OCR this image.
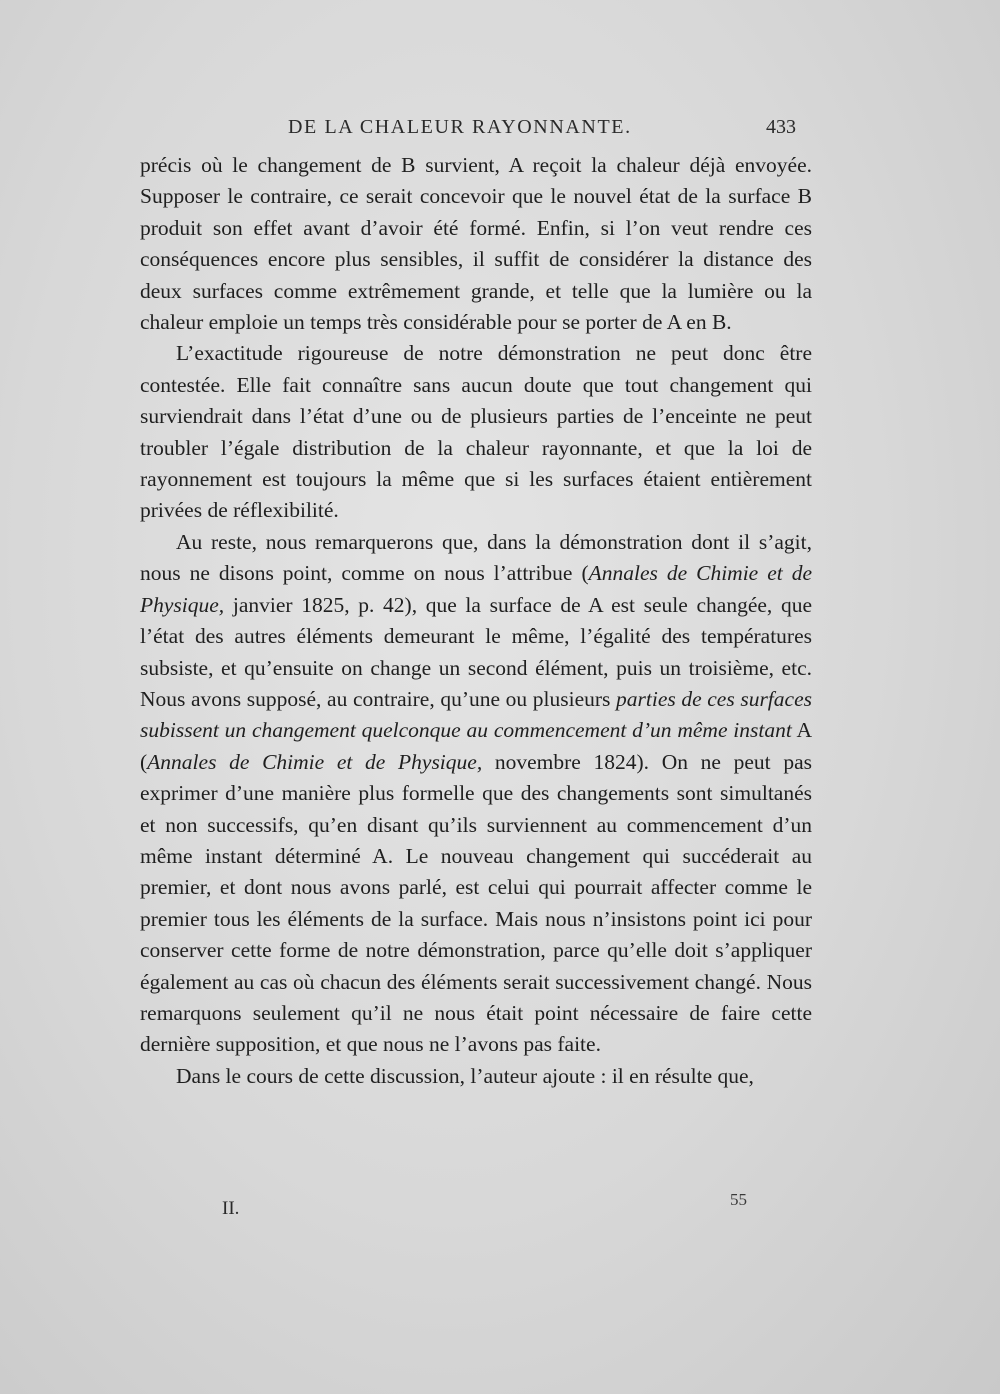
DE LA CHALEUR RAYONNANTE.	433

précis où le changement de B survient, A reçoit la chaleur déjà envoyée. Supposer le contraire, ce serait concevoir que le nouvel état de la surface B produit son effet avant d’avoir été formé. Enfin, si l’on veut rendre ces conséquences encore plus sensibles, il suffit de considérer la distance des deux surfaces comme extrêmement grande, et telle que la lumière ou la chaleur emploie un temps très considérable pour se porter de A en B.

L’exactitude rigoureuse de notre démonstration ne peut donc être contestée. Elle fait connaître sans aucun doute que tout changement qui surviendrait dans l’état d’une ou de plusieurs parties de l’enceinte ne peut troubler l’égale distribution de la chaleur rayonnante, et que la loi de rayonnement est toujours la même que si les surfaces étaient entièrement privées de réflexibilité.

Au reste, nous remarquerons que, dans la démonstration dont il s’agit, nous ne disons point, comme on nous l’attribue (Annales de Chimie et de Physique, janvier 1825, p. 42), que la surface de A est seule changée, que l’état des autres éléments demeurant le même, l’égalité des températures subsiste, et qu’ensuite on change un second élément, puis un troisième, etc. Nous avons supposé, au contraire, qu’une ou plusieurs parties de ces surfaces subissent un changement quelconque au commencement d’un même instant A (Annales de Chimie et de Physique, novembre 1824). On ne peut pas exprimer d’une manière plus formelle que des changements sont simultanés et non successifs, qu’en disant qu’ils surviennent au commencement d’un même instant déterminé A. Le nouveau changement qui succéderait au premier, et dont nous avons parlé, est celui qui pourrait affecter comme le premier tous les éléments de la surface. Mais nous n’insistons point ici pour conserver cette forme de notre démonstration, parce qu’elle doit s’appliquer également au cas où chacun des éléments serait successivement changé. Nous remarquons seulement qu’il ne nous était point nécessaire de faire cette dernière supposition, et que nous ne l’avons pas faite.

Dans le cours de cette discussion, l’auteur ajoute : il en résulte que,

II.	55
